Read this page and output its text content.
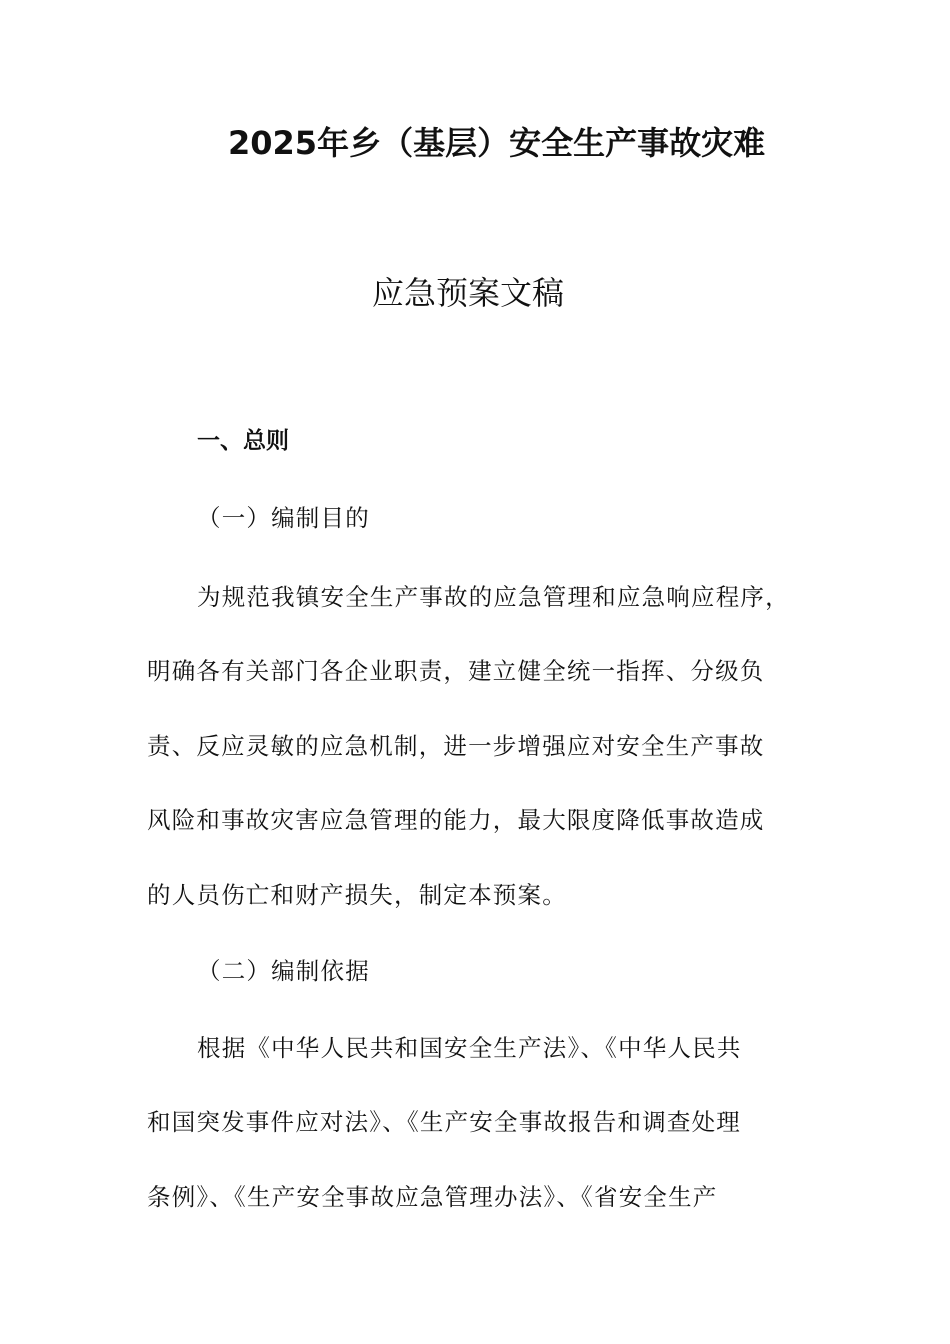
2025年乡（基层）安全生产事故灾难
应急预案文稿
一、总则
（一）编制目的
为规范我镇安全生产事故的应急管理和应急响应程序，
明确各有关部门各企业职责，建立健全统一指挥、分级负
责、反应灵敏的应急机制，进一步增强应对安全生产事故
风险和事故灾害应急管理的能力，最大限度降低事故造成
的人员伤亡和财产损失，制定本预案。
（二）编制依据
根据《中华人民共和国安全生产法》、《中华人民共
和国突发事件应对法》、《生产安全事故报告和调查处理
条例》、《生产安全事故应急管理办法》、《省安全生产
